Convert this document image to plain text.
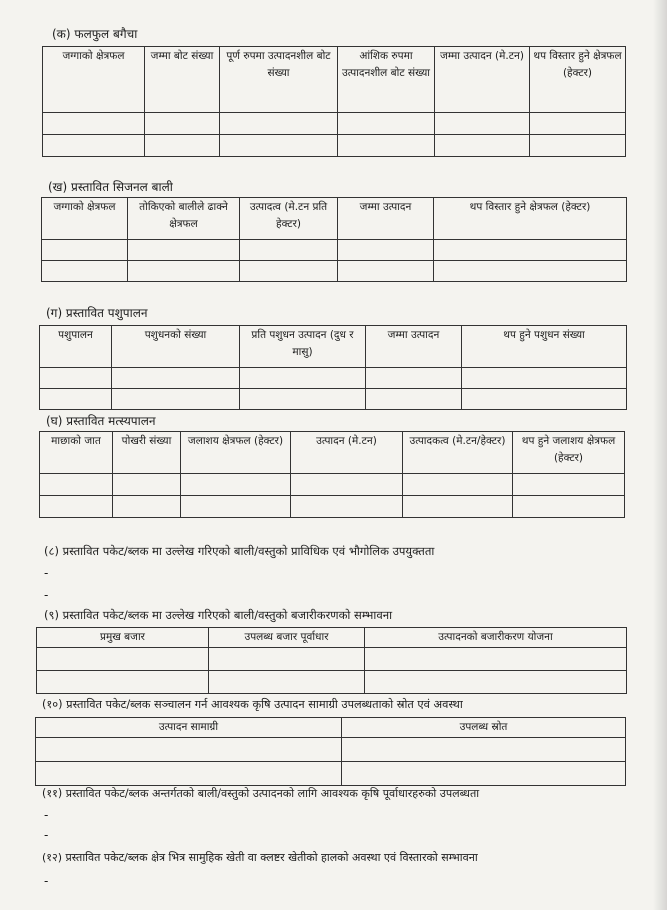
(क) फलफुल बगैचा
जग्गाको क्षेत्रफल	जम्मा बोट संख्या	पूर्ण रुपमा उत्पादनशील बोट संख्या	आंशिक रुपमा उत्पादनशील बोट संख्या	जम्मा उत्पादन (मे.टन)	थप विस्तार हुने क्षेत्रफल (हेक्टर)

(ख) प्रस्तावित सिजनल बाली
जग्गाको क्षेत्रफल	तोकिएको बालीले ढाक्ने क्षेत्रफल	उत्पादत्व (मे.टन प्रति हेक्टर)	जम्मा उत्पादन	थप विस्तार हुने क्षेत्रफल (हेक्टर)

(ग) प्रस्तावित पशुपालन
पशुपालन	पशुधनको संख्या	प्रति पशुधन उत्पादन (दुध र मासु)	जम्मा उत्पादन	थप हुने पशुधन संख्या

(घ) प्रस्तावित मत्स्यपालन
माछाको जात	पोखरी संख्या	जलाशय क्षेत्रफल (हेक्टर)	उत्पादन (मे.टन)	उत्पादकत्व (मे.टन/हेक्टर)	थप हुने जलाशय क्षेत्रफल (हेक्टर)

(८) प्रस्तावित पकेट/ब्लक मा उल्लेख गरिएको बाली/वस्तुको प्राविधिक एवं भौगोलिक उपयुक्तता
-
-
(९) प्रस्तावित पकेट/ब्लक मा उल्लेख गरिएको बाली/वस्तुको बजारीकरणको सम्भावना
प्रमुख बजार	उपलब्ध बजार पूर्वाधार	उत्पादनको बजारीकरण योजना

(१०) प्रस्तावित पकेट/ब्लक सञ्चालन गर्न आवश्यक कृषि उत्पादन सामाग्री उपलब्धताको स्रोत एवं अवस्था
उत्पादन सामाग्री	उपलब्ध स्रोत

(११) प्रस्तावित पकेट/ब्लक अन्तर्गतको बाली/वस्तुको उत्पादनको लागि आवश्यक कृषि पूर्वाधारहरुको उपलब्धता
-
-
(१२) प्रस्तावित पकेट/ब्लक क्षेत्र भित्र सामुहिक खेती वा क्लष्टर खेतीको हालको अवस्था एवं विस्तारको सम्भावना
-
